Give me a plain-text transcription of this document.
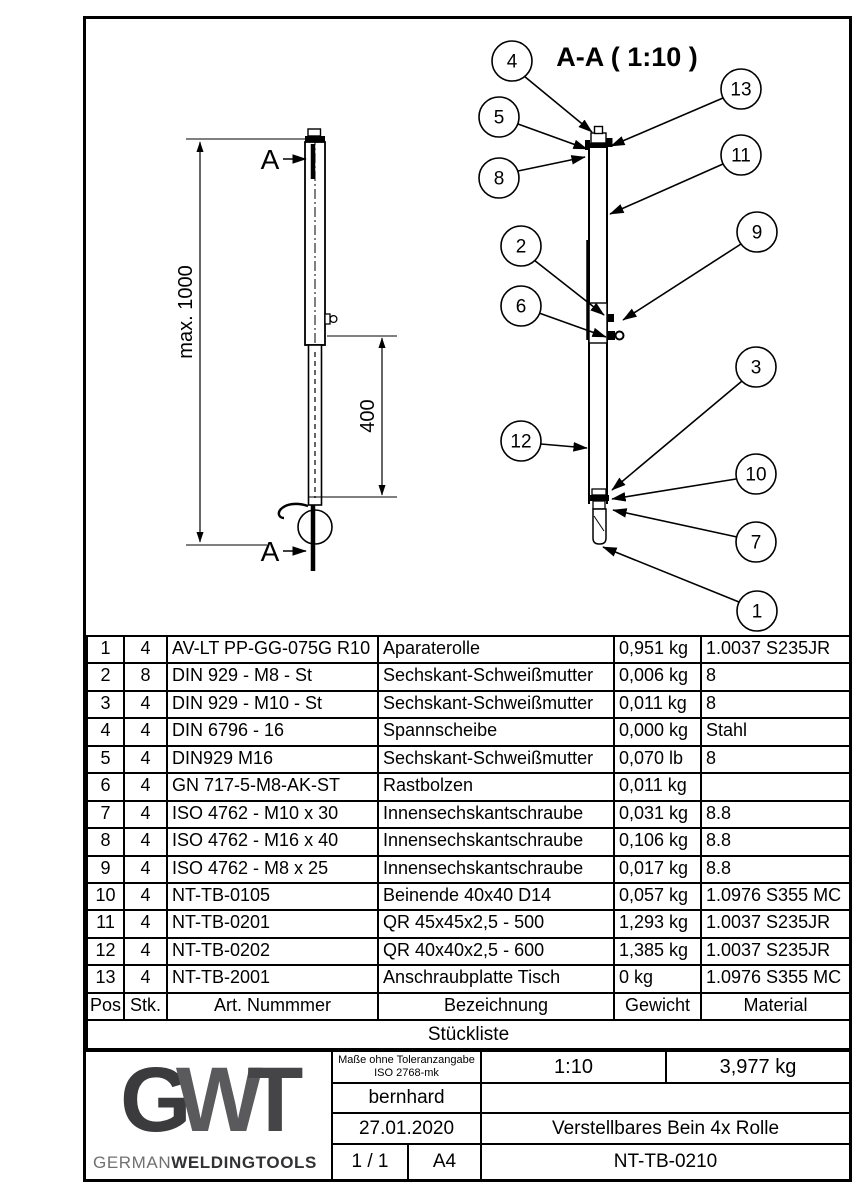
max. 1000
A
400
A
A-A ( 1:10 )
4
5
8
13
11
9
2
6
3
12
10
7
1
1	4	AV-LT PP-GG-075G R10	Aparaterolle	0,951 kg	1.0037 S235JR
2	8	DIN 929 - M8 - St	Sechskant-Schweißmutter	0,006 kg	8
3	4	DIN 929 - M10 - St	Sechskant-Schweißmutter	0,011 kg	8
4	4	DIN 6796 - 16	Spannscheibe	0,000 kg	Stahl
5	4	DIN929 M16	Sechskant-Schweißmutter	0,070 lb	8
6	4	GN 717-5-M8-AK-ST	Rastbolzen	0,011 kg	
7	4	ISO 4762 - M10 x 30	Innensechskantschraube	0,031 kg	8.8
8	4	ISO 4762 - M16 x 40	Innensechskantschraube	0,106 kg	8.8
9	4	ISO 4762 - M8 x 25	Innensechskantschraube	0,017 kg	8.8
10	4	NT-TB-0105	Beinende 40x40 D14	0,057 kg	1.0976 S355 MC
11	4	NT-TB-0201	QR 45x45x2,5 - 500	1,293 kg	1.0037 S235JR
12	4	NT-TB-0202	QR 40x40x2,5 - 600	1,385 kg	1.0037 S235JR
13	4	NT-TB-2001	Anschraubplatte Tisch	0 kg	1.0976 S355 MC
Pos	Stk.	Art. Nummmer	Bezeichnung	Gewicht	Material
Stückliste					
GWT
GERMANWELDINGTOOLS
Maße ohne Toleranzangabe
ISO 2768-mk	1:10	3,977 kg
bernhard
27.01.2020	Verstellbares Bein 4x Rolle
1 / 1	A4	NT-TB-0210
